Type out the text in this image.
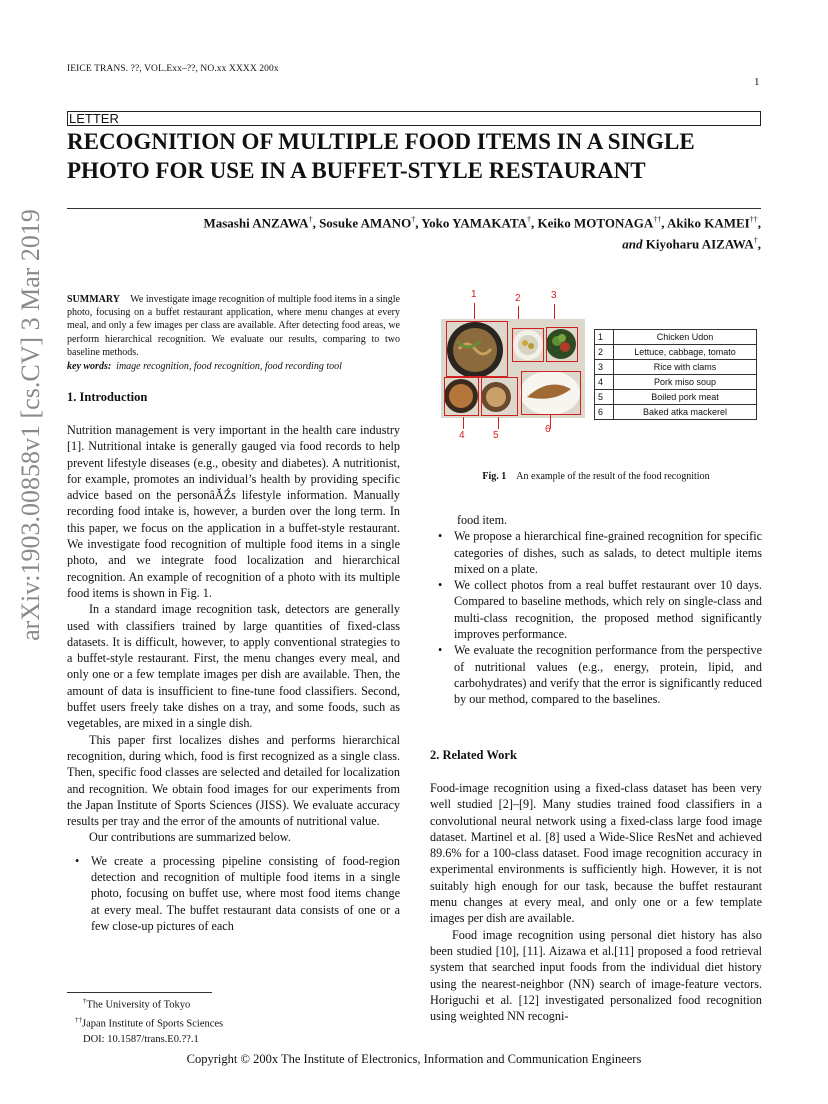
IEICE TRANS. ??, VOL.Exx–??, NO.xx XXXX 200x
1
LETTER
RECOGNITION OF MULTIPLE FOOD ITEMS IN A SINGLE PHOTO FOR USE IN A BUFFET-STYLE RESTAURANT
Masashi ANZAWA†, Sosuke AMANO†, Yoko YAMAKATA†, Keiko MOTONAGA††, Akiko KAMEI††,
and Kiyoharu AIZAWA†,
arXiv:1903.00858v1 [cs.CV] 3 Mar 2019	SUMMARY We investigate image recognition of multiple food items in a single photo, focusing on a buffet restaurant application, where menu changes at every meal, and only a few images per class are available. After detecting food areas, we perform hierarchical recognition. We evaluate our results, comparing to two baseline methods.
key words: image recognition, food recognition, food recording tool
1. Introduction

Nutrition management is very important in the health care industry [1]. Nutritional intake is generally gauged via food records to help prevent lifestyle diseases (e.g., obesity and diabetes). A nutritionist, for example, promotes an individual’s health by providing specific advice based on the personâĂŹs lifestyle information. Manually recording food intake is, however, a burden over the long term. In this paper, we focus on the application in a buffet-style restaurant. We investigate food recognition of multiple food items in a single photo, and we integrate food localization and hierarchical recognition. An example of recognition of a photo with its multiple food items is shown in Fig. 1.

In a standard image recognition task, detectors are generally used with classifiers trained by large quantities of fixed-class datasets. It is difficult, however, to apply conventional strategies to a buffet-style restaurant. First, the menu changes every meal, and only one or a few template images per dish are available. Then, the amount of data is insufficient to fine-tune food classifiers. Second, buffet users freely take dishes on a tray, and some foods, such as vegetables, are mixed in a single dish.

This paper first localizes dishes and performs hierarchical recognition, during which, food is first recognized as a single class. Then, specific food classes are selected and detailed for localization and recognition. We obtain food images for our experiments from the Japan Institute of Sports Sciences (JISS). We evaluate accuracy results per tray and the error of the amounts of nutritional value.

Our contributions are summarized below.

• We create a processing pipeline consisting of food-region detection and recognition of multiple food items in a single photo, focusing on buffet use, where most food items change at every meal. The buffet restaurant data consists of one or a few close-up pictures of each
†The University of Tokyo
††Japan Institute of Sports Sciences
DOI: 10.1587/trans.E0.??.1
1	2	3
4	5
6
1	Chicken Udon
2	Lettuce, cabbage, tomato
3	Rice with clams
4	Pork miso soup
5	Boiled pork meat
6	Baked atka mackerel
Fig. 1 An example of the result of the food recognition

food item.

• We propose a hierarchical fine-grained recognition for specific categories of dishes, such as salads, to detect multiple items mixed on a plate.
• We collect photos from a real buffet restaurant over 10 days. Compared to baseline methods, which rely on single-class and multi-class recognition, the proposed method significantly improves performance.
• We evaluate the recognition performance from the perspective of nutritional values (e.g., energy, protein, lipid, and carbohydrates) and verify that the error is significantly reduced by our method, compared to the baselines.
2. Related Work

Food-image recognition using a fixed-class dataset has been very well studied [2]–[9]. Many studies trained food classifiers in a convolutional neural network using a fixed-class large food image dataset. Martinel et al. [8] used a Wide-Slice ResNet and achieved 89.6% for a 100-class dataset. Food image recognition accuracy in experimental environments is sufficiently high. However, it is not suitably high enough for our task, because the buffet restaurant menu changes at every meal, and only one or a few template images per dish are available.

Food image recognition using personal diet history has also been studied [10], [11]. Aizawa et al.[11] proposed a food retrieval system that searched input foods from the individual diet history using the nearest-neighbor (NN) search of image-feature vectors. Horiguchi et al. [12] investigated personalized food recognition using weighted NN recogni-

Copyright © 200x The Institute of Electronics, Information and Communication Engineers
